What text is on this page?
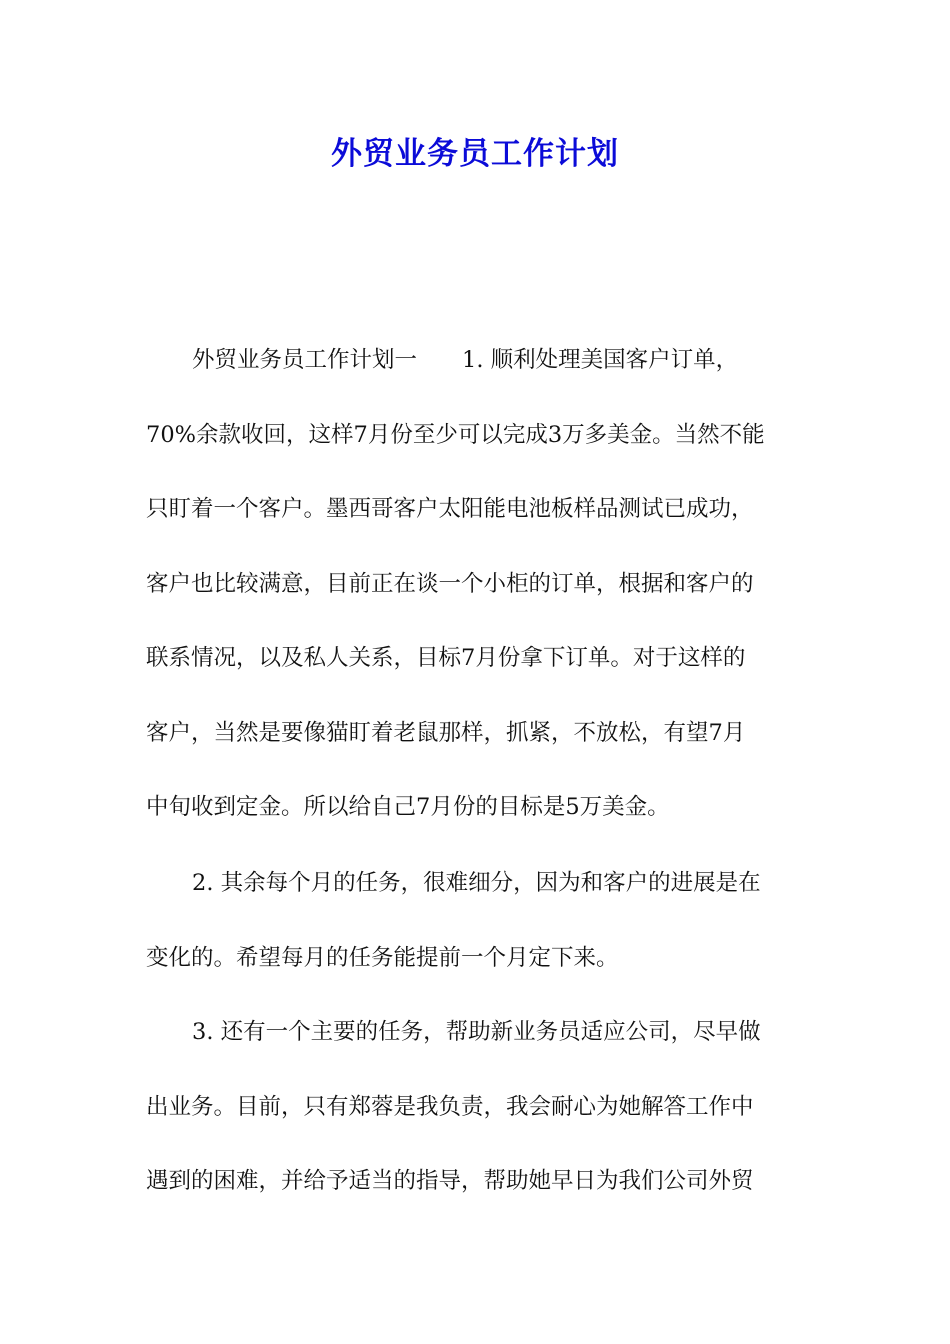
外贸业务员工作计划
外贸业务员工作计划一　　1. 顺利处理美国客户订单，
70%余款收回，这样7月份至少可以完成3万多美金。当然不能
只盯着一个客户。墨西哥客户太阳能电池板样品测试已成功，
客户也比较满意，目前正在谈一个小柜的订单，根据和客户的
联系情况，以及私人关系，目标7月份拿下订单。对于这样的
客户，当然是要像猫盯着老鼠那样，抓紧，不放松，有望7月
中旬收到定金。所以给自己7月份的目标是5万美金。
2. 其余每个月的任务，很难细分，因为和客户的进展是在
变化的。希望每月的任务能提前一个月定下来。
3. 还有一个主要的任务，帮助新业务员适应公司，尽早做
出业务。目前，只有郑蓉是我负责，我会耐心为她解答工作中
遇到的困难，并给予适当的指导，帮助她早日为我们公司外贸
